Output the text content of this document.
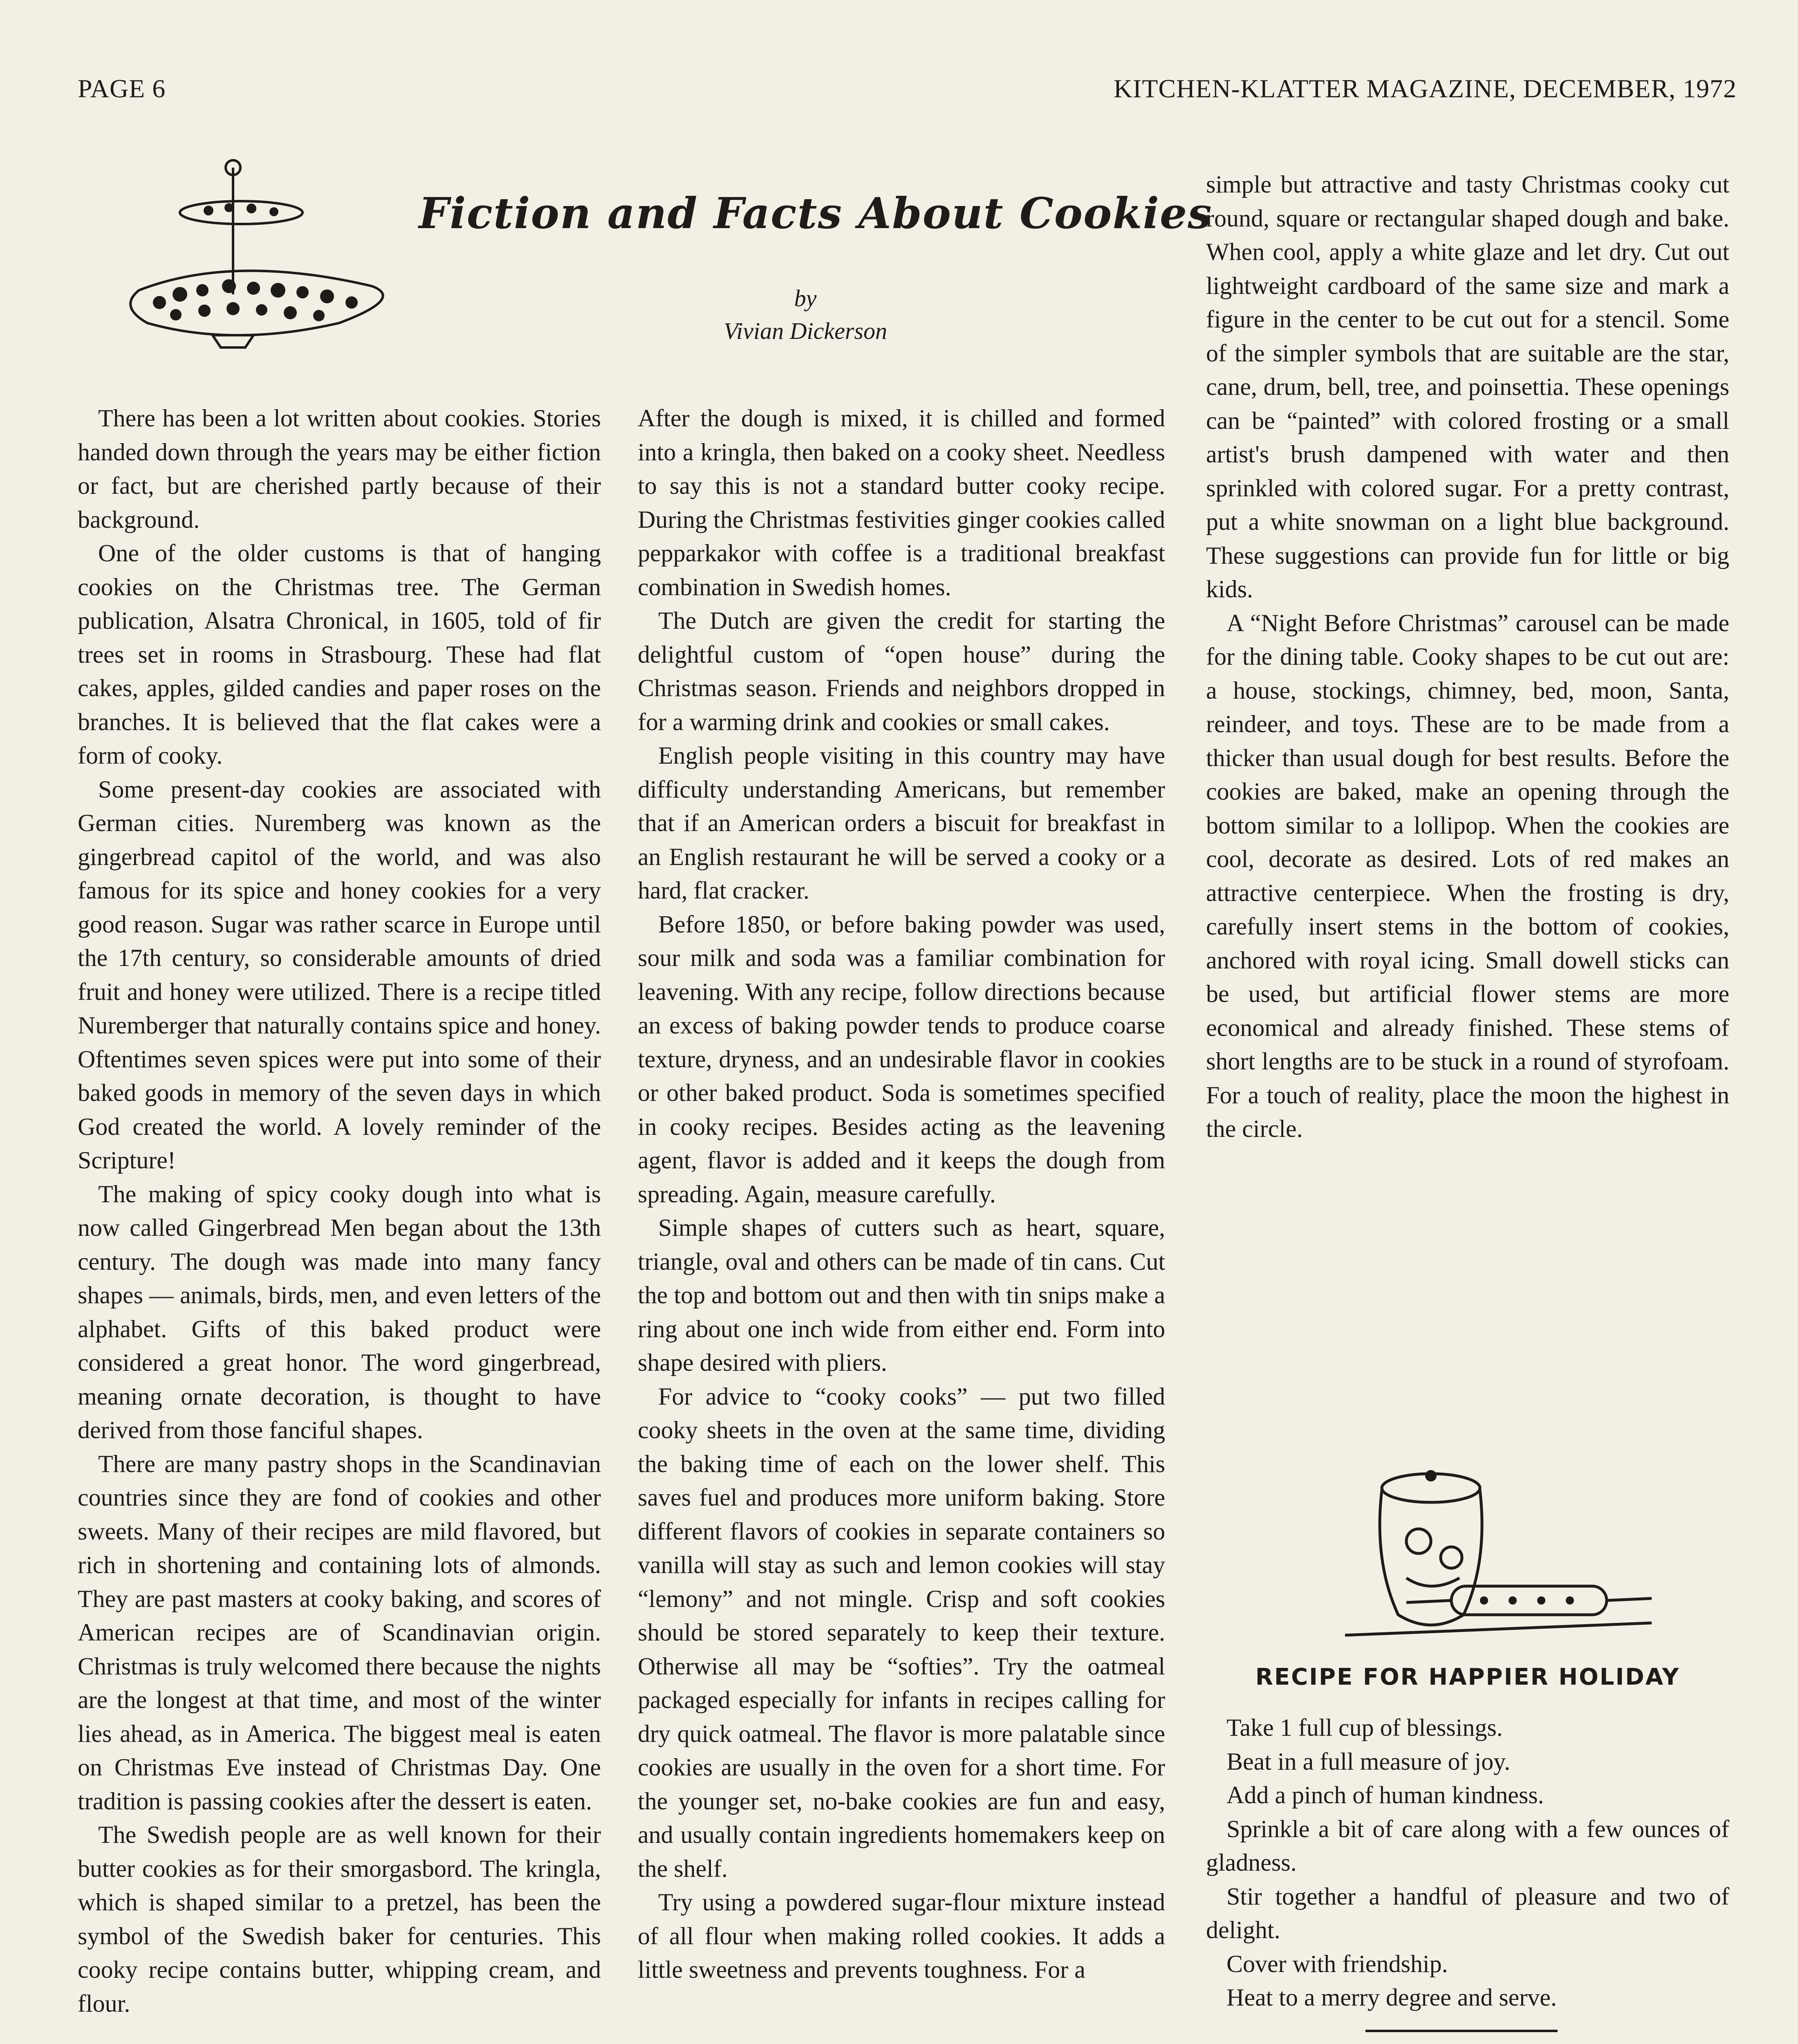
PAGE 6	KITCHEN-KLATTER MAGAZINE, DECEMBER, 1972
Fiction and Facts About Cookies
by
Vivian Dickerson

There has been a lot written about cookies. Stories handed down through the years may be either fiction or fact, but are cherished partly because of their background.

One of the older customs is that of hanging cookies on the Christmas tree. The German publication, Alsatra Chronical, in 1605, told of fir trees set in rooms in Strasbourg. These had flat cakes, apples, gilded candies and paper roses on the branches. It is believed that the flat cakes were a form of cooky.

Some present-day cookies are associated with German cities. Nuremberg was known as the gingerbread capitol of the world, and was also famous for its spice and honey cookies for a very good reason. Sugar was rather scarce in Europe until the 17th century, so considerable amounts of dried fruit and honey were utilized. There is a recipe titled Nuremberger that naturally contains spice and honey. Oftentimes seven spices were put into some of their baked goods in memory of the seven days in which God created the world. A lovely reminder of the Scripture!

The making of spicy cooky dough into what is now called Gingerbread Men began about the 13th century. The dough was made into many fancy shapes — animals, birds, men, and even letters of the alphabet. Gifts of this baked product were considered a great honor. The word gingerbread, meaning ornate decoration, is thought to have derived from those fanciful shapes.

There are many pastry shops in the Scandinavian countries since they are fond of cookies and other sweets. Many of their recipes are mild flavored, but rich in shortening and containing lots of almonds. They are past masters at cooky baking, and scores of American recipes are of Scandinavian origin. Christmas is truly welcomed there because the nights are the longest at that time, and most of the winter lies ahead, as in America. The biggest meal is eaten on Christmas Eve instead of Christmas Day. One tradition is passing cookies after the dessert is eaten.

The Swedish people are as well known for their butter cookies as for their smorgasbord. The kringla, which is shaped similar to a pretzel, has been the symbol of the Swedish baker for centuries. This cooky recipe contains butter, whipping cream, and flour.

After the dough is mixed, it is chilled and formed into a kringla, then baked on a cooky sheet. Needless to say this is not a standard butter cooky recipe. During the Christmas festivities ginger cookies called pepparkakor with coffee is a traditional breakfast combination in Swedish homes.

The Dutch are given the credit for starting the delightful custom of “open house” during the Christmas season. Friends and neighbors dropped in for a warming drink and cookies or small cakes.

English people visiting in this country may have difficulty understanding Americans, but remember that if an American orders a biscuit for breakfast in an English restaurant he will be served a cooky or a hard, flat cracker.

Before 1850, or before baking powder was used, sour milk and soda was a familiar combination for leavening. With any recipe, follow directions because an excess of baking powder tends to produce coarse texture, dryness, and an undesirable flavor in cookies or other baked product. Soda is sometimes specified in cooky recipes. Besides acting as the leavening agent, flavor is added and it keeps the dough from spreading. Again, measure carefully.

Simple shapes of cutters such as heart, square, triangle, oval and others can be made of tin cans. Cut the top and bottom out and then with tin snips make a ring about one inch wide from either end. Form into shape desired with pliers.

For advice to “cooky cooks” — put two filled cooky sheets in the oven at the same time, dividing the baking time of each on the lower shelf. This saves fuel and produces more uniform baking. Store different flavors of cookies in separate containers so vanilla will stay as such and lemon cookies will stay “lemony” and not mingle. Crisp and soft cookies should be stored separately to keep their texture. Otherwise all may be “softies”. Try the oatmeal packaged especially for infants in recipes calling for dry quick oatmeal. The flavor is more palatable since cookies are usually in the oven for a short time. For the younger set, no-bake cookies are fun and easy, and usually contain ingredients homemakers keep on the shelf.

Try using a powdered sugar-flour mixture instead of all flour when making rolled cookies. It adds a little sweetness and prevents toughness. For a

simple but attractive and tasty Christmas cooky cut round, square or rectangular shaped dough and bake. When cool, apply a white glaze and let dry. Cut out lightweight cardboard of the same size and mark a figure in the center to be cut out for a stencil. Some of the simpler symbols that are suitable are the star, cane, drum, bell, tree, and poinsettia. These openings can be “painted” with colored frosting or a small artist's brush dampened with water and then sprinkled with colored sugar. For a pretty contrast, put a white snowman on a light blue background. These suggestions can provide fun for little or big kids.

A “Night Before Christmas” carousel can be made for the dining table. Cooky shapes to be cut out are: a house, stockings, chimney, bed, moon, Santa, reindeer, and toys. These are to be made from a thicker than usual dough for best results. Before the cookies are baked, make an opening through the bottom similar to a lollipop. When the cookies are cool, decorate as desired. Lots of red makes an attractive centerpiece. When the frosting is dry, carefully insert stems in the bottom of cookies, anchored with royal icing. Small dowell sticks can be used, but artificial flower stems are more economical and already finished. These stems of short lengths are to be stuck in a round of styrofoam. For a touch of reality, place the moon the highest in the circle.

RECIPE FOR HAPPIER HOLIDAY

Take 1 full cup of blessings.

Beat in a full measure of joy.

Add a pinch of human kindness.

Sprinkle a bit of care along with a few ounces of gladness.

Stir together a handful of pleasure and two of delight.

Cover with friendship.

Heat to a merry degree and serve.
